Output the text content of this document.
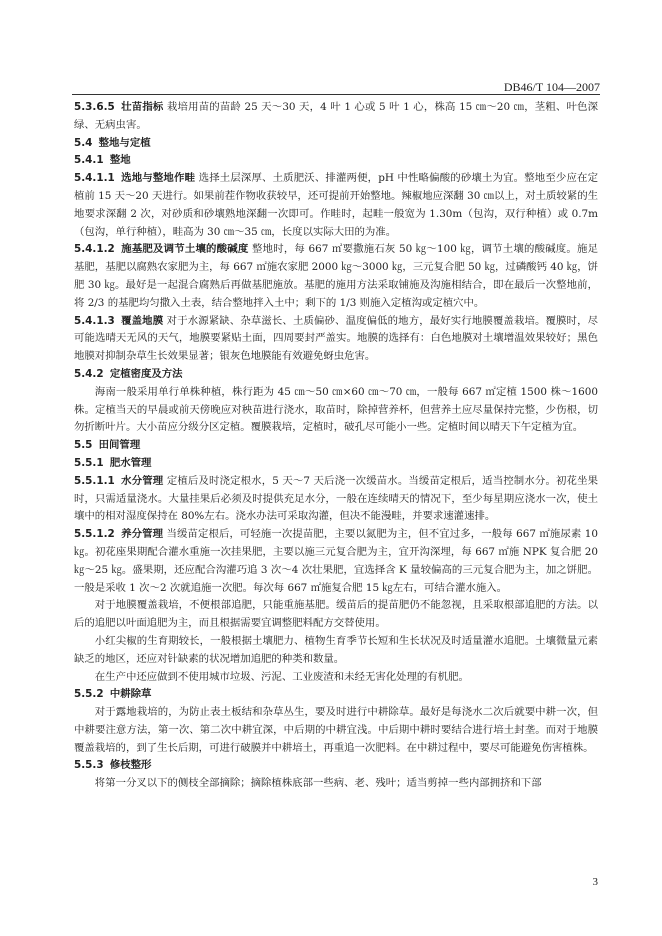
DB46/T 104—2007

5.3.6.5 壮苗指标 栽培用苗的苗龄 25 天～30 天，4 叶 1 心或 5 叶 1 心，株高 15 ㎝～20 ㎝，茎粗、叶色深绿、无病虫害。

5.4 整地与定植

5.4.1 整地

5.4.1.1 选地与整地作畦 选择土层深厚、土质肥沃、排灌两便，pH 中性略偏酸的砂壤土为宜。整地至少应在定植前 15 天～20 天进行。如果前茬作物收获较早，还可提前开始整地。辣椒地应深翻 30 ㎝以上，对土质较紧的生地要求深翻 2 次，对砂质和砂壤熟地深翻一次即可。作畦时，起畦一般宽为 1.30m（包沟，双行种植）或 0.7m（包沟，单行种植），畦高为 30 ㎝～35 ㎝，长度以实际大田的为准。

5.4.1.2 施基肥及调节土壤的酸碱度 整地时，每 667 ㎡要撒施石灰 50 ㎏～100 ㎏，调节土壤的酸碱度。施足基肥，基肥以腐熟农家肥为主，每 667 ㎡施农家肥 2000 ㎏～3000 ㎏，三元复合肥 50 ㎏，过磷酸钙 40 ㎏，饼肥 30 ㎏。最好是一起混合腐熟后再做基肥施放。基肥的施用方法采取铺施及沟施相结合，即在最后一次整地前，将 2/3 的基肥均匀撒入土表，结合整地拌入土中；剩下的 1/3 则施入定植沟或定植穴中。

5.4.1.3 覆盖地膜 对于水源紧缺、杂草滋长、土质偏砂、温度偏低的地方，最好实行地膜覆盖栽培。覆膜时，尽可能选晴天无风的天气，地膜要紧贴土面，四周要封严盖实。地膜的选择有：白色地膜对土壤增温效果较好；黑色地膜对抑制杂草生长效果显著；银灰色地膜能有效避免蚜虫危害。

5.4.2 定植密度及方法

海南一般采用单行单株种植，株行距为 45 ㎝～50 ㎝×60 ㎝～70 ㎝，一般每 667 ㎡定植 1500 株～1600 株。定植当天的早晨或前天傍晚应对秧苗进行浇水，取苗时，除掉营养杯，但营养土应尽量保持完整，少伤根，切勿折断叶片。大小苗应分级分区定植。覆膜栽培，定植时，破孔尽可能小一些。定植时间以晴天下午定植为宜。

5.5 田间管理

5.5.1 肥水管理

5.5.1.1 水分管理 定植后及时浇定根水，5 天～7 天后浇一次缓苗水。当缓苗定根后，适当控制水分。初花坐果时，只需适量浇水。大量挂果后必须及时提供充足水分，一般在连续晴天的情况下，至少每星期应浇水一次，使土壤中的相对湿度保持在 80%左右。浇水办法可采取沟灌，但决不能漫畦，并要求速灌速排。

5.5.1.2 养分管理 当缓苗定根后，可轻施一次提苗肥，主要以氮肥为主，但不宜过多，一般每 667 ㎡施尿素 10 ㎏。初花座果期配合灌水重施一次挂果肥，主要以施三元复合肥为主，宜开沟深埋，每 667 ㎡施 NPK 复合肥 20 ㎏～25 ㎏。盛果期，还应配合沟灌巧追 3 次～4 次壮果肥，宜选择含 K 量较偏高的三元复合肥为主，加之饼肥。一般是采收 1 次～2 次就追施一次肥。每次每 667 ㎡施复合肥 15 ㎏左右，可结合灌水施入。

对于地膜覆盖栽培，不便根部追肥，只能重施基肥。缓苗后的提苗肥仍不能忽视，且采取根部追肥的方法。以后的追肥以叶面追肥为主，而且根据需要宜调整肥料配方交替使用。

小红尖椒的生育期较长，一般根据土壤肥力、植物生育季节长短和生长状况及时适量灌水追肥。土壤微量元素缺乏的地区，还应对针缺素的状况增加追肥的种类和数量。

在生产中还应做到不使用城市垃圾、污泥、工业废渣和未经无害化处理的有机肥。

5.5.2 中耕除草

对于露地栽培的，为防止表土板结和杂草丛生，要及时进行中耕除草。最好是每浇水二次后就要中耕一次，但中耕要注意方法，第一次、第二次中耕宜深，中后期的中耕宜浅。中后期中耕时要结合进行培土封垄。而对于地膜覆盖栽培的，到了生长后期，可进行破膜并中耕培土，再重追一次肥料。在中耕过程中，要尽可能避免伤害植株。

5.5.3 修枝整形

将第一分叉以下的侧枝全部摘除；摘除植株底部一些病、老、残叶；适当剪掉一些内部拥挤和下部

3
